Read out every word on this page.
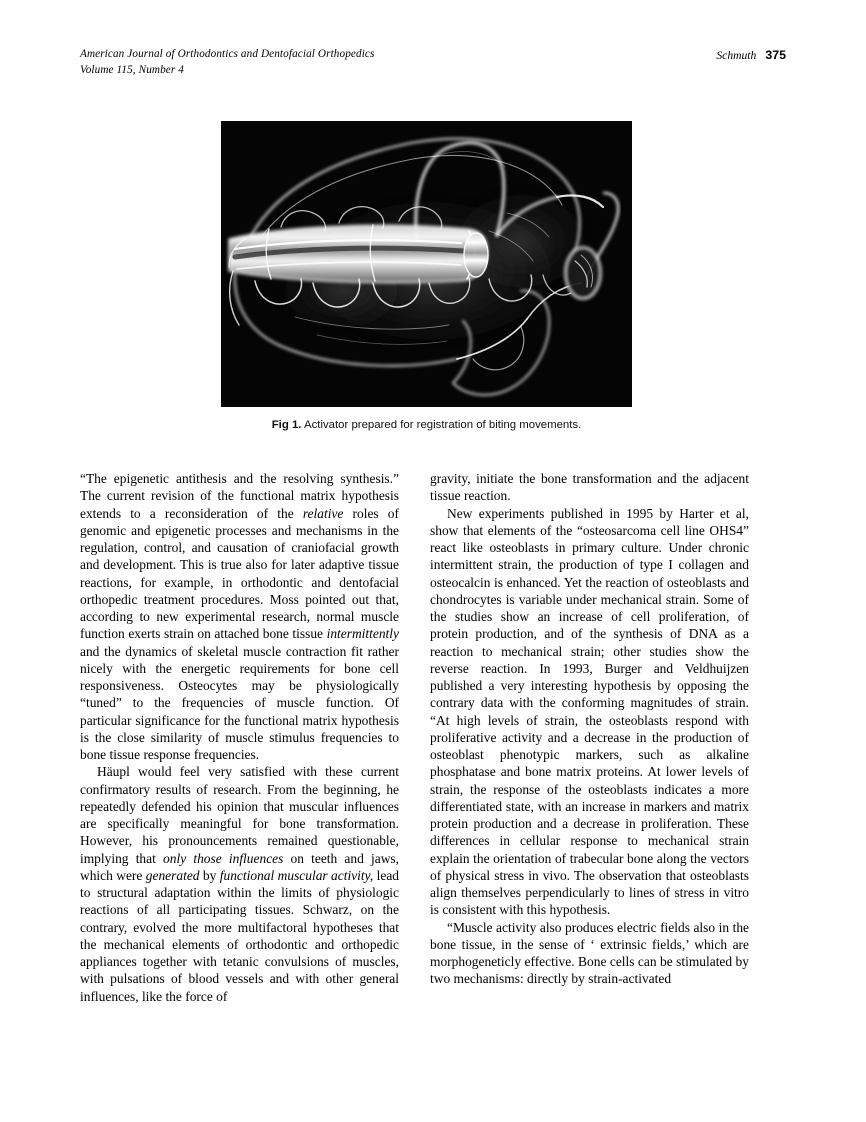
American Journal of Orthodontics and Dentofacial Orthopedics
Volume 115, Number 4
Schmuth 375
Fig 1. Activator prepared for registration of biting movements.

“The epigenetic antithesis and the resolving synthesis.” The current revision of the functional matrix hypothesis extends to a reconsideration of the relative roles of genomic and epigenetic processes and mechanisms in the regulation, control, and causation of craniofacial growth and development. This is true also for later adaptive tissue reactions, for example, in orthodontic and dentofacial orthopedic treatment procedures. Moss pointed out that, according to new experimental research, normal muscle function exerts strain on attached bone tissue intermittently and the dynamics of skeletal muscle contraction fit rather nicely with the energetic requirements for bone cell responsiveness. Osteocytes may be physiologically “tuned” to the frequencies of muscle function. Of particular significance for the functional matrix hypothesis is the close similarity of muscle stimulus frequencies to bone tissue response frequencies.

Häupl would feel very satisfied with these current confirmatory results of research. From the beginning, he repeatedly defended his opinion that muscular influences are specifically meaningful for bone transformation. However, his pronouncements remained questionable, implying that only those influences on teeth and jaws, which were generated by functional muscular activity, lead to structural adaptation within the limits of physiologic reactions of all participating tissues. Schwarz, on the contrary, evolved the more multifactoral hypotheses that the mechanical elements of orthodontic and orthopedic appliances together with tetanic convulsions of muscles, with pulsations of blood vessels and with other general influences, like the force of

gravity, initiate the bone transformation and the adjacent tissue reaction.

New experiments published in 1995 by Harter et al, show that elements of the “osteosarcoma cell line OHS4” react like osteoblasts in primary culture. Under chronic intermittent strain, the production of type I collagen and osteocalcin is enhanced. Yet the reaction of osteoblasts and chondrocytes is variable under mechanical strain. Some of the studies show an increase of cell proliferation, of protein production, and of the synthesis of DNA as a reaction to mechanical strain; other studies show the reverse reaction. In 1993, Burger and Veldhuijzen published a very interesting hypothesis by opposing the contrary data with the conforming magnitudes of strain. “At high levels of strain, the osteoblasts respond with proliferative activity and a decrease in the production of osteoblast phenotypic markers, such as alkaline phosphatase and bone matrix proteins. At lower levels of strain, the response of the osteoblasts indicates a more differentiated state, with an increase in markers and matrix protein production and a decrease in proliferation. These differences in cellular response to mechanical strain explain the orientation of trabecular bone along the vectors of physical stress in vivo. The observation that osteoblasts align themselves perpendicularly to lines of stress in vitro is consistent with this hypothesis.

“Muscle activity also produces electric fields also in the bone tissue, in the sense of ‘ extrinsic fields,’ which are morphogeneticly effective. Bone cells can be stimulated by two mechanisms: directly by strain-activated
